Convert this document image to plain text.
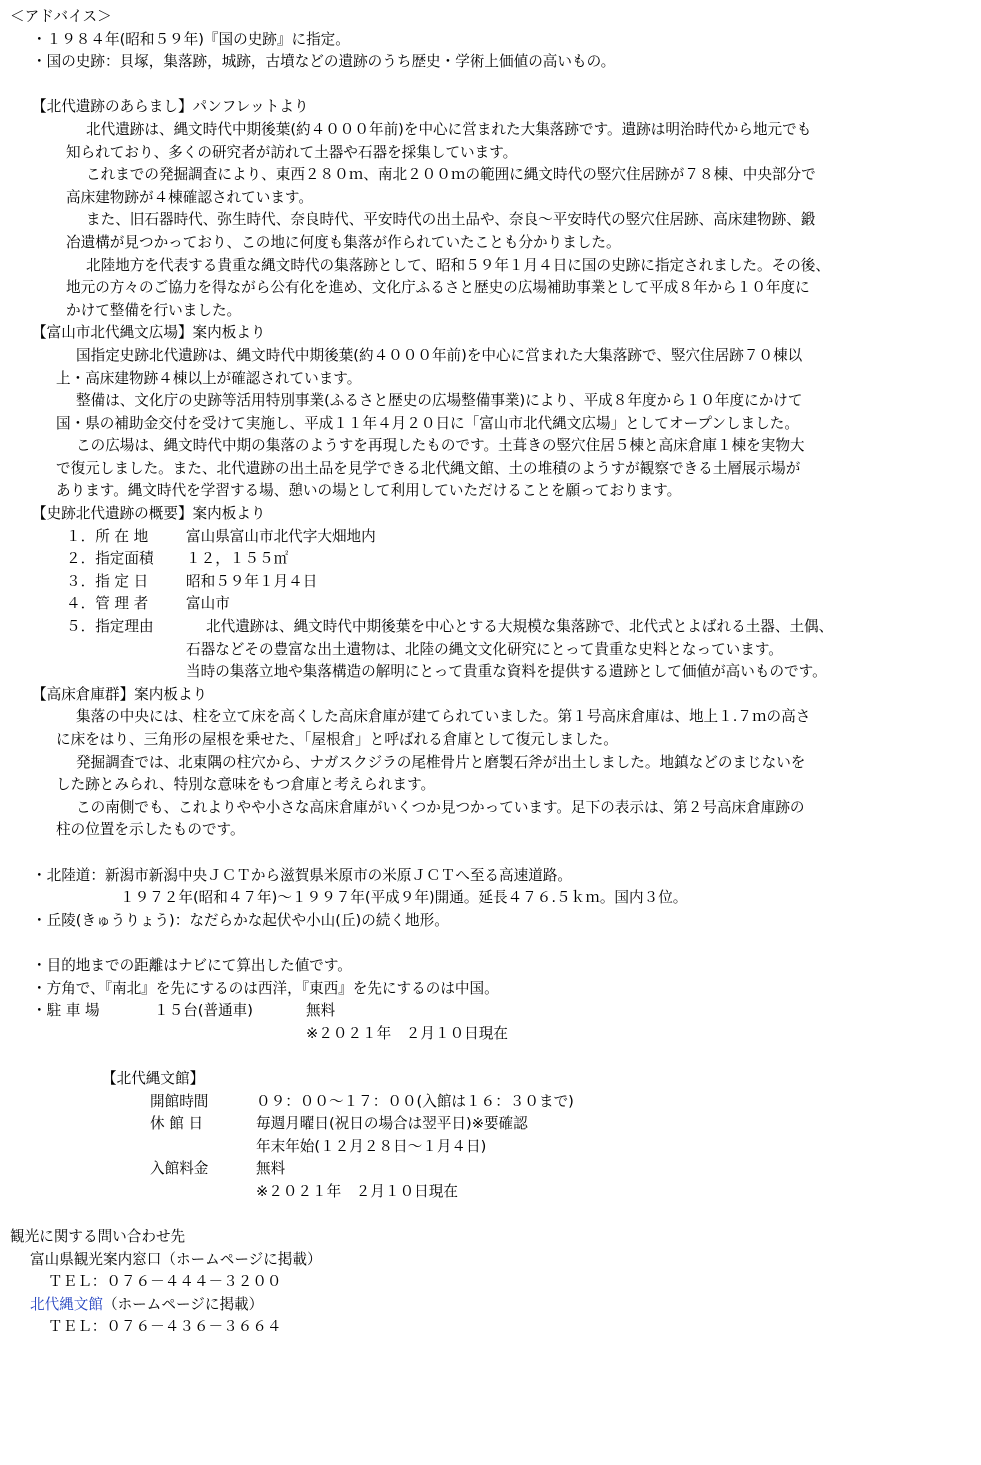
＜アドバイス＞
・１９８４年(昭和５９年)『国の史跡』に指定。
・国の史跡：貝塚，集落跡，城跡，古墳などの遺跡のうち歴史・学術上価値の高いもの。
【北代遺跡のあらまし】パンフレットより
北代遺跡は、縄文時代中期後葉(約４０００年前)を中心に営まれた大集落跡です。遺跡は明治時代から地元でも
知られており、多くの研究者が訪れて土器や石器を採集しています。
これまでの発掘調査により、東西２８０ｍ、南北２００ｍの範囲に縄文時代の竪穴住居跡が７８棟、中央部分で
高床建物跡が４棟確認されています。
また、旧石器時代、弥生時代、奈良時代、平安時代の出土品や、奈良～平安時代の竪穴住居跡、高床建物跡、鍛
冶遺構が見つかっており、この地に何度も集落が作られていたことも分かりました。
北陸地方を代表する貴重な縄文時代の集落跡として、昭和５９年１月４日に国の史跡に指定されました。その後、
地元の方々のご協力を得ながら公有化を進め、文化庁ふるさと歴史の広場補助事業として平成８年から１０年度に
かけて整備を行いました。
【富山市北代縄文広場】案内板より
国指定史跡北代遺跡は、縄文時代中期後葉(約４０００年前)を中心に営まれた大集落跡で、竪穴住居跡７０棟以
上・高床建物跡４棟以上が確認されています。
整備は、文化庁の史跡等活用特別事業(ふるさと歴史の広場整備事業)により、平成８年度から１０年度にかけて
国・県の補助金交付を受けて実施し、平成１１年４月２０日に「富山市北代縄文広場」としてオープンしました。
この広場は、縄文時代中期の集落のようすを再現したものです。土葺きの竪穴住居５棟と高床倉庫１棟を実物大
で復元しました。また、北代遺跡の出土品を見学できる北代縄文館、土の堆積のようすが観察できる土層展示場が
あります。縄文時代を学習する場、憩いの場として利用していただけることを願っております。
【史跡北代遺跡の概要】案内板より
１．所 在 地	富山県富山市北代字大畑地内
２．指定面積	１２，１５５㎡
３．指 定 日	昭和５９年１月４日
４．管 理 者	富山市
５．指定理由	北代遺跡は、縄文時代中期後葉を中心とする大規模な集落跡で、北代式とよばれる土器、土偶、
石器などその豊富な出土遺物は、北陸の縄文文化研究にとって貴重な史料となっています。
当時の集落立地や集落構造の解明にとって貴重な資料を提供する遺跡として価値が高いものです。
【高床倉庫群】案内板より
集落の中央には、柱を立て床を高くした高床倉庫が建てられていました。第１号高床倉庫は、地上１.７ｍの高さ
に床をはり、三角形の屋根を乗せた、「屋根倉」と呼ばれる倉庫として復元しました。
発掘調査では、北東隅の柱穴から、ナガスクジラの尾椎骨片と磨製石斧が出土しました。地鎮などのまじないを
した跡とみられ、特別な意味をもつ倉庫と考えられます。
この南側でも、これよりやや小さな高床倉庫がいくつか見つかっています。足下の表示は、第２号高床倉庫跡の
柱の位置を示したものです。
・北陸道：新潟市新潟中央ＪＣＴから滋賀県米原市の米原ＪＣＴへ至る高速道路。
１９７２年(昭和４７年)～１９９７年(平成９年)開通。延長４７６.５ｋｍ。国内３位。
・丘陵(きゅうりょう)：なだらかな起伏や小山(丘)の続く地形。
・目的地までの距離はナビにて算出した値です。
・方角で、『南北』を先にするのは西洋，『東西』を先にするのは中国。
・駐 車 場	１５台(普通車)	無料
※２０２１年　２月１０日現在
【北代縄文館】
開館時間	０９：００～１７：００(入館は１６：３０まで)
休 館 日	毎週月曜日(祝日の場合は翌平日)※要確認
年末年始(１２月２８日～１月４日)
入館料金	無料
※２０２１年　２月１０日現在
観光に関する問い合わせ先
富山県観光案内窓口（ホームページに掲載）
ＴＥＬ：０７６－４４４－３２００
北代縄文館（ホームページに掲載）
ＴＥＬ：０７６－４３６－３６６４
